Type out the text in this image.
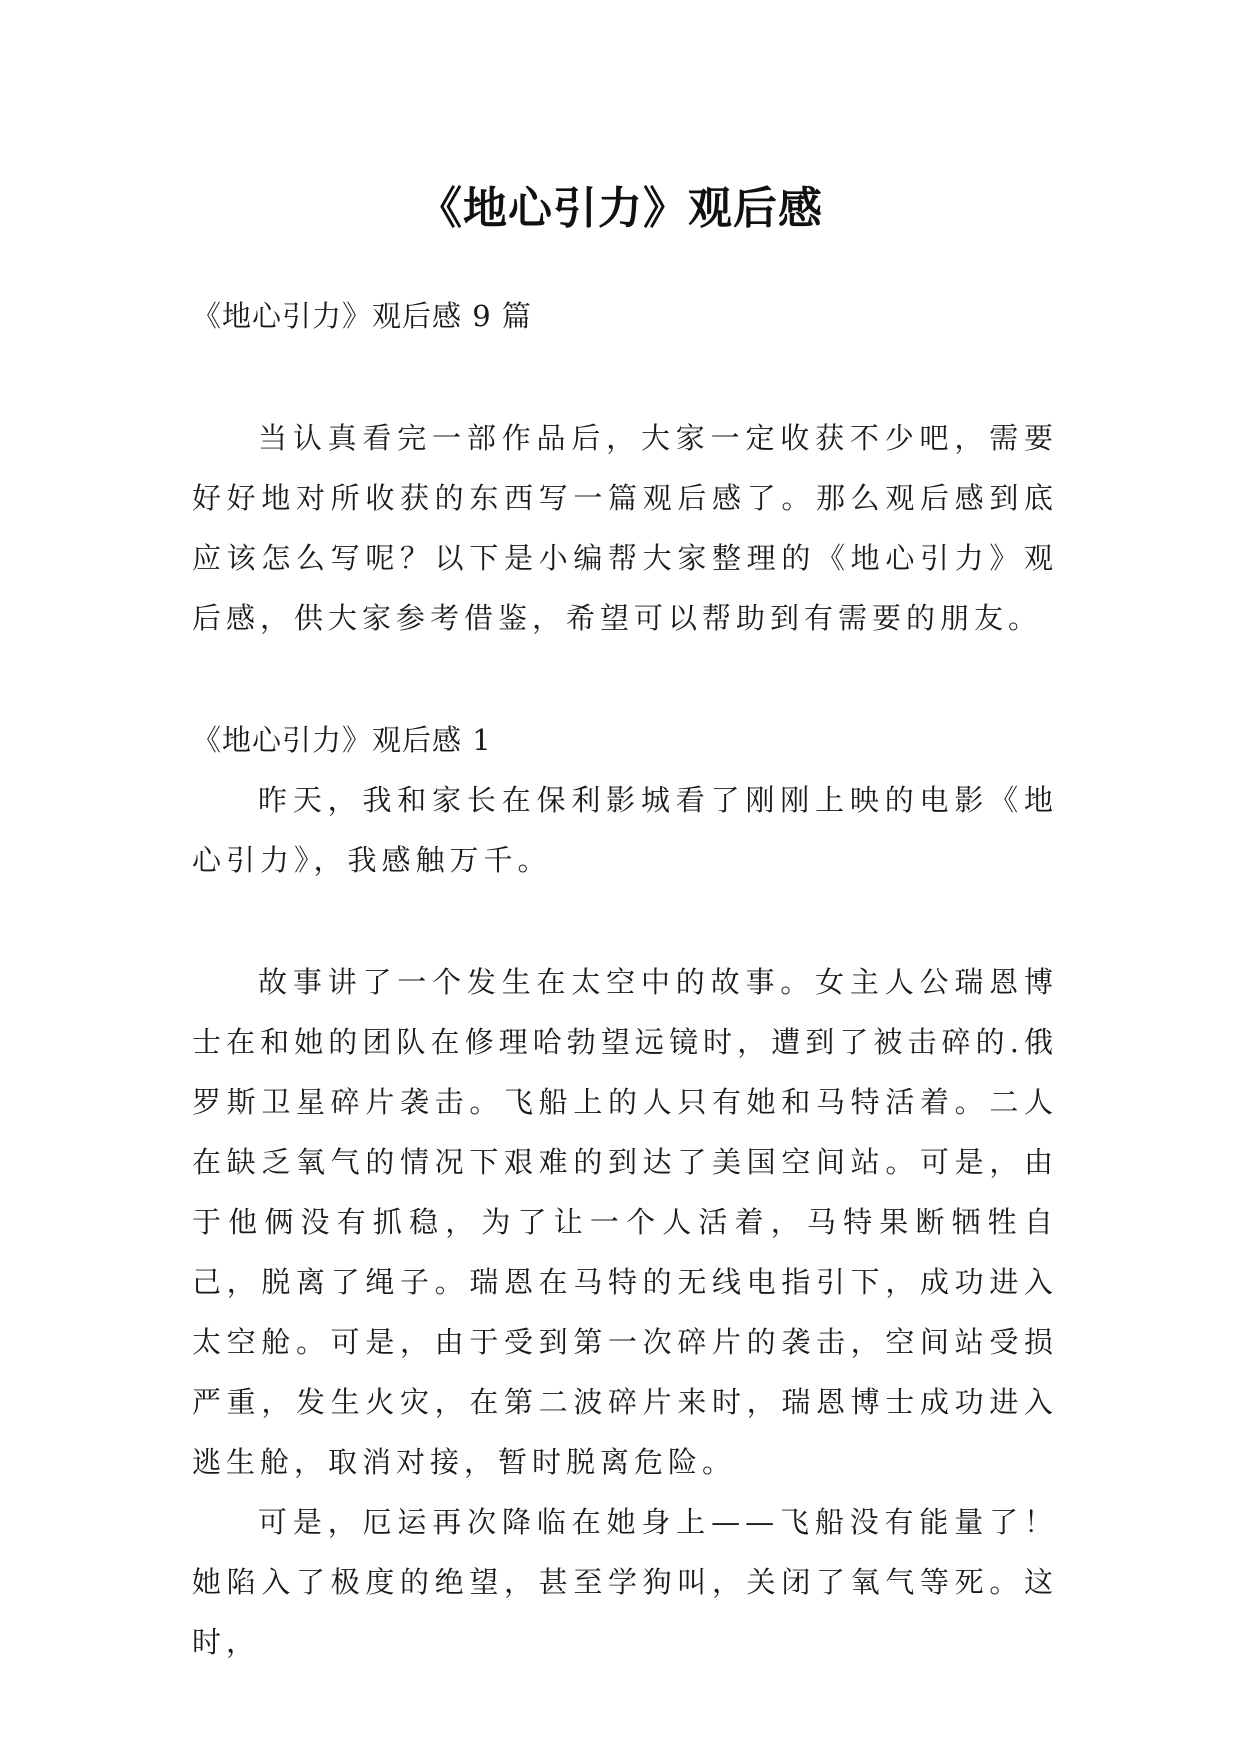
《地心引力》观后感

《地心引力》观后感 9 篇

当认真看完一部作品后，大家一定收获不少吧，需要好好地对所收获的东西写一篇观后感了。那么观后感到底应该怎么写呢？以下是小编帮大家整理的《地心引力》观后感，供大家参考借鉴，希望可以帮助到有需要的朋友。

《地心引力》观后感 1

昨天，我和家长在保利影城看了刚刚上映的电影《地心引力》，我感触万千。

故事讲了一个发生在太空中的故事。女主人公瑞恩博士在和她的团队在修理哈勃望远镜时，遭到了被击碎的.俄罗斯卫星碎片袭击。飞船上的人只有她和马特活着。二人在缺乏氧气的情况下艰难的到达了美国空间站。可是，由于他俩没有抓稳，为了让一个人活着，马特果断牺牲自己，脱离了绳子。瑞恩在马特的无线电指引下，成功进入太空舱。可是，由于受到第一次碎片的袭击，空间站受损严重，发生火灾，在第二波碎片来时，瑞恩博士成功进入逃生舱，取消对接，暂时脱离危险。

可是，厄运再次降临在她身上——飞船没有能量了！她陷入了极度的绝望，甚至学狗叫，关闭了氧气等死。这时，
